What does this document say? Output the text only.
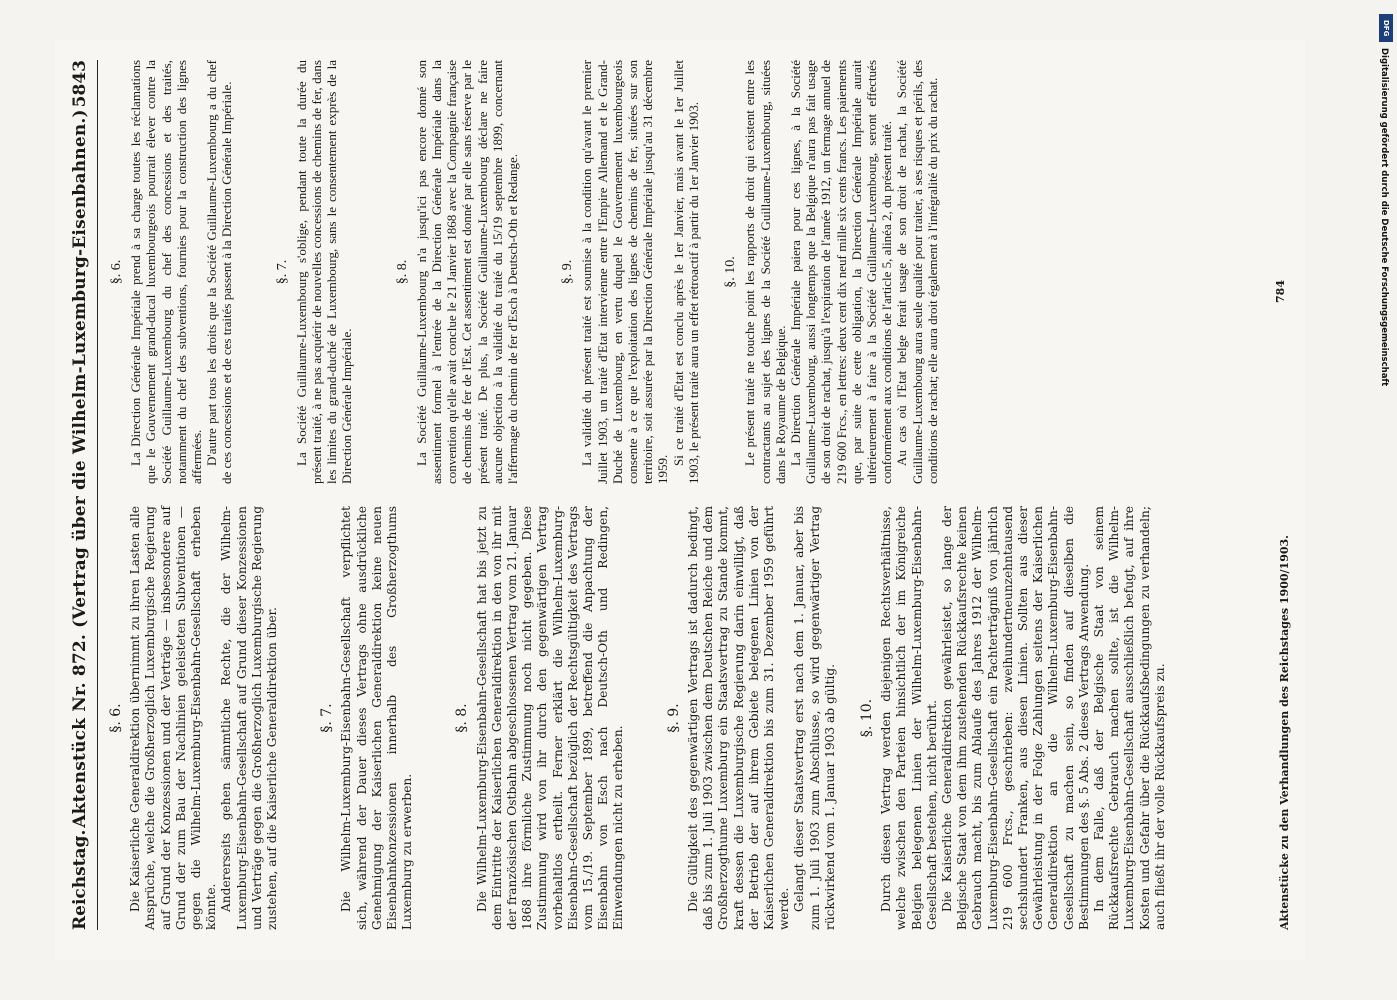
Reichstag.
Aktenstück Nr. 872. (Vertrag über die Wilhelm-Luxemburg-Eisenbahnen.)
5843
§. 6. Die Kaiserliche Generaldirektion übernimmt zu ihren Lasten alle Ansprüche, welche die Großherzoglich Luxemburgische Regierung auf Grund der Konzessionen und der Verträge — insbesondere auf Grund der zum Bau der Nachlinien geleisteten Subventionen — gegen die Wilhelm-Luxemburg-Eisenbahn-Gesellschaft erheben könnte. Andererseits gehen sämmtliche Rechte, die der Wilhelm-Luxemburg-Eisenbahn-Gesellschaft auf Grund dieser Konzessionen und Verträge gegen die Großherzoglich Luxemburgische Regierung zustehen, auf die Kaiserliche Generaldirektion über.	§. 7. Die Wilhelm-Luxemburg-Eisenbahn-Gesellschaft verpflichtet sich, während der Dauer dieses Vertrags ohne ausdrückliche Genehmigung der Kaiserlichen Generaldirektion keine neuen Eisenbahnkonzessionen innerhalb des Großherzogthums Luxemburg zu erwerben.

§. 8. Die Wilhelm-Luxemburg-Eisenbahn-Gesellschaft hat bis jetzt zu dem Eintritte der Kaiserlichen Generaldirektion in den von ihr mit der französischen Ostbahn abgeschlossenen Vertrag vom 21. Januar 1868 ihre förmliche Zustimmung noch nicht gegeben. Diese Zustimmung wird von ihr durch den gegenwärtigen Vertrag vorbehaltlos ertheilt. Ferner erklärt die Wilhelm-Luxemburg-Eisenbahn-Gesellschaft bezüglich der Rechtsgültigkeit des Vertrags vom 15./19. September 1899, betreffend die Anpachtung der Eisenbahn von Esch nach Deutsch-Oth und Redingen, Einwendungen nicht zu erheben.

§. 9. Die Gültigkeit des gegenwärtigen Vertrags ist dadurch bedingt, daß bis zum 1. Juli 1903 zwischen dem Deutschen Reiche und dem Großherzogthume Luxemburg ein Staatsvertrag zu Stande kommt, kraft dessen die Luxemburgische Regierung darin einwilligt, daß der Betrieb der auf ihrem Gebiete belegenen Linien von der Kaiserlichen Generaldirektion bis zum 31. Dezember 1959 geführt werde. Gelangt dieser Staatsvertrag erst nach dem 1. Januar, aber bis zum 1. Juli 1903 zum Abschlusse, so wird gegenwärtiger Vertrag rückwirkend vom 1. Januar 1903 ab gültig. §. 10. Durch diesen Vertrag werden diejenigen Rechtsverhältnisse, welche zwischen den Parteien hinsichtlich der im Königreiche Belgien belegenen Linien der Wilhelm-Luxemburg-Eisenbahn-Gesellschaft bestehen, nicht berührt. Die Kaiserliche Generaldirektion gewährleistet, so lange der Belgische Staat von dem ihm zustehenden Rückkaufsrechte keinen Gebrauch macht, bis zum Ablaufe des Jahres 1912 der Wilhelm-Luxemburg-Eisenbahn-Gesellschaft ein Pachterträgniß von jährlich 219 600 Frcs., geschrieben: zweihundertneunzehntausend sechshundert Franken, aus diesen Linien. Sollten aus dieser Gewährleistung in der Folge Zahlungen seitens der Kaiserlichen Generaldirektion an die Wilhelm-Luxemburg-Eisenbahn-Gesellschaft zu machen sein, so finden auf dieselben die Bestimmungen des §. 5 Abs. 2 dieses Vertrags Anwendung. In dem Falle, daß der Belgische Staat von seinem Rückkaufsrechte Gebrauch machen sollte, ist die Wilhelm-Luxemburg-Eisenbahn-Gesellschaft ausschließlich befugt, auf ihre Kosten und Gefahr über die Rückkaufsbedingungen zu verhandeln; auch fließt ihr der volle Rückkaufspreis zu.

§. 6. La Direction Générale Impériale prend à sa charge toutes les réclamations que le Gouvernement grand-ducal luxembourgeois pourrait élever contre la Société Guillaume-Luxembourg du chef des concessions et des traités, notamment du chef des subventions, fournies pour la construction des lignes affermées. D'autre part tous les droits que la Société Guillaume-Luxembourg a du chef de ces concessions et de ces traités passent à la Direction Générale Impériale.	§. 7. La Société Guillaume-Luxembourg s'oblige, pendant toute la durée du présent traité, à ne pas acquérir de nouvelles concessions de chemins de fer, dans les limites du grand-duché de Luxembourg, sans le consentement exprès de la Direction Générale Impériale.

§. 8. La Société Guillaume-Luxembourg n'a jusqu'ici pas encore donné son assentiment formel à l'entrée de la Direction Générale Impériale dans la convention qu'elle avait conclue le 21 Janvier 1868 avec la Compagnie française de chemins de fer de l'Est. Cet assentiment est donné par elle sans réserve par le présent traité. De plus, la Société Guillaume-Luxembourg déclare ne faire aucune objection à la validité du traité du 15/19 septembre 1899, concernant l'affermage du chemin de fer d'Esch à Deutsch-Oth et Redange.	§. 9. La validité du présent traité est soumise à la condition qu'avant le premier Juillet 1903, un traité d'Etat intervienne entre l'Empire Allemand et le Grand-Duché de Luxembourg, en vertu duquel le Gouvernement luxembourgeois consente à ce que l'exploitation des lignes de chemins de fer, situées sur son territoire, soit assurée par la Direction Générale Impériale jusqu'au 31 décembre 1959.

Si ce traité d'Etat est conclu après le 1er Janvier, mais avant le 1er Juillet 1903, le présent traité aura un effet rétroactif à partir du 1er Janvier 1903. §. 10. Le présent traité ne touche point les rapports de droit qui existent entre les contractants au sujet des lignes de la Société Guillaume-Luxembourg, situées dans le Royaume de Belgique. La Direction Générale Impériale paiera pour ces lignes, à la Société Guillaume-Luxembourg, aussi longtemps que la Belgique n'aura pas fait usage de son droit de rachat, jusqu'à l'expiration de l'année 1912, un fermage annuel de 219 600 Frcs., en lettres: deux cent dix neuf mille six cents francs. Les paiements que, par suite de cette obligation, la Direction Générale Impériale aurait ultérieurement à faire à la Société Guillaume-Luxembourg, seront effectués conformément aux conditions de l'article 5, alinéa 2, du présent traité. Au cas où l'Etat belge ferait usage de son droit de rachat, la Société Guillaume-Luxembourg aura seule qualité pour traiter, à ses risques et périls, des conditions de rachat; elle aura droit également à l'intégralité du prix du rachat.

Aktenstücke zu den Verhandlungen des Reichstages 1900/1903.
784
DFG
Digitalisierung gefördert durch die Deutsche Forschungsgemeinschaft
